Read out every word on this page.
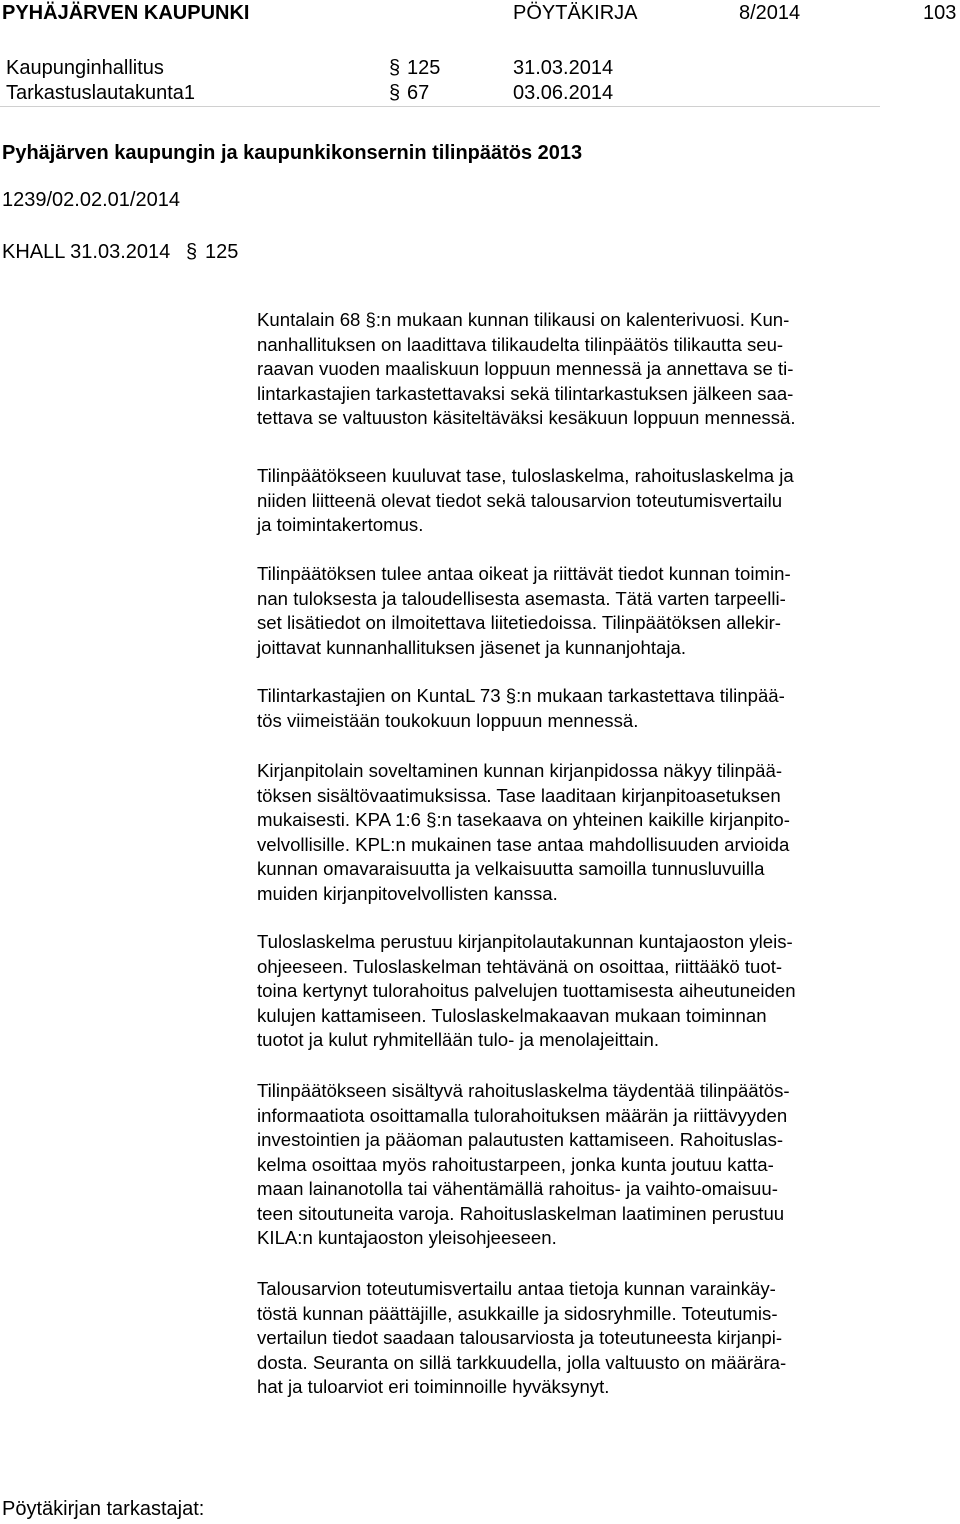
PYHÄJÄRVEN KAUPUNKI	PÖYTÄKIRJA	8/2014	103
Kaupunginhallitus	§ 125	31.03.2014
Tarkastuslautakunta1	§ 67	03.06.2014
Pyhäjärven kaupungin ja kaupunkikonsernin tilinpäätös 2013
1239/02.02.01/2014
KHALL 31.03.2014 § 125
Kuntalain 68 §:n mukaan kunnan tilikausi on kalenterivuosi. Kun-
nanhallituksen on laadittava tilikaudelta tilinpäätös tilikautta seu-
raavan vuoden maaliskuun loppuun mennessä ja annettava se ti-
lintarkastajien tarkastettavaksi sekä tilintarkastuksen jälkeen saa-
tettava se valtuuston käsiteltäväksi kesäkuun loppuun mennessä.
Tilinpäätökseen kuuluvat tase, tuloslaskelma, rahoituslaskelma ja
niiden liitteenä olevat tiedot sekä talousarvion toteutumisvertailu
ja toimintakertomus.
Tilinpäätöksen tulee antaa oikeat ja riittävät tiedot kunnan toimin-
nan tuloksesta ja taloudellisesta asemasta. Tätä varten tarpeelli-
set lisätiedot on ilmoitettava liitetiedoissa. Tilinpäätöksen allekir-
joittavat kunnanhallituksen jäsenet ja kunnanjohtaja.
Tilintarkastajien on KuntaL 73 §:n mukaan tarkastettava tilinpää-
tös viimeistään toukokuun loppuun mennessä.
Kirjanpitolain soveltaminen kunnan kirjanpidossa näkyy tilinpää-
töksen sisältövaatimuksissa. Tase laaditaan kirjanpitoasetuksen
mukaisesti. KPA 1:6 §:n tasekaava on yhteinen kaikille kirjanpito-
velvollisille. KPL:n mukainen tase antaa mahdollisuuden arvioida
kunnan omavaraisuutta ja velkaisuutta samoilla tunnusluvuilla
muiden kirjanpitovelvollisten kanssa.
Tuloslaskelma perustuu kirjanpitolautakunnan kuntajaoston yleis-
ohjeeseen. Tuloslaskelman tehtävänä on osoittaa, riittääkö tuot-
toina kertynyt tulorahoitus palvelujen tuottamisesta aiheutuneiden
kulujen kattamiseen. Tuloslaskelmakaavan mukaan toiminnan
tuotot ja kulut ryhmitellään tulo- ja menolajeittain.
Tilinpäätökseen sisältyvä rahoituslaskelma täydentää tilinpäätös-
informaatiota osoittamalla tulorahoituksen määrän ja riittävyyden
investointien ja pääoman palautusten kattamiseen. Rahoituslas-
kelma osoittaa myös rahoitustarpeen, jonka kunta joutuu katta-
maan lainanotolla tai vähentämällä rahoitus- ja vaihto-omaisuu-
teen sitoutuneita varoja. Rahoituslaskelman laatiminen perustuu
KILA:n kuntajaoston yleisohjeeseen.
Talousarvion toteutumisvertailu antaa tietoja kunnan varainkäy-
töstä kunnan päättäjille, asukkaille ja sidosryhmille. Toteutumis-
vertailun tiedot saadaan talousarviosta ja toteutuneesta kirjanpi-
dosta. Seuranta on sillä tarkkuudella, jolla valtuusto on määrära-
hat ja tuloarviot eri toiminnoille hyväksynyt.
Pöytäkirjan tarkastajat:
